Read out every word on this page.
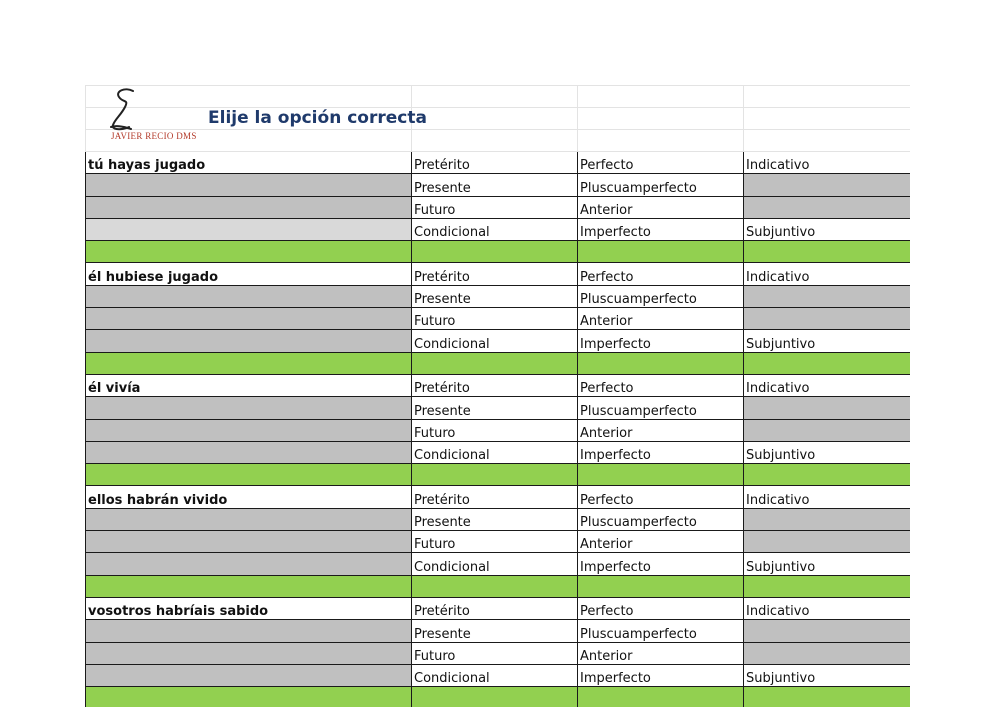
JAVIER RECIO DMS
Elije la opción correcta

tú hayas jugado	Pretérito	Perfecto	Indicativo
	Presente	Pluscuamperfecto	
	Futuro	Anterior	
	Condicional	Imperfecto	Subjuntivo

él hubiese jugado	Pretérito	Perfecto	Indicativo
	Presente	Pluscuamperfecto	
	Futuro	Anterior	
	Condicional	Imperfecto	Subjuntivo

él vivía	Pretérito	Perfecto	Indicativo
	Presente	Pluscuamperfecto	
	Futuro	Anterior	
	Condicional	Imperfecto	Subjuntivo

ellos habrán vivido	Pretérito	Perfecto	Indicativo
	Presente	Pluscuamperfecto	
	Futuro	Anterior	
	Condicional	Imperfecto	Subjuntivo

vosotros habríais sabido	Pretérito	Perfecto	Indicativo
	Presente	Pluscuamperfecto	
	Futuro	Anterior	
	Condicional	Imperfecto	Subjuntivo
